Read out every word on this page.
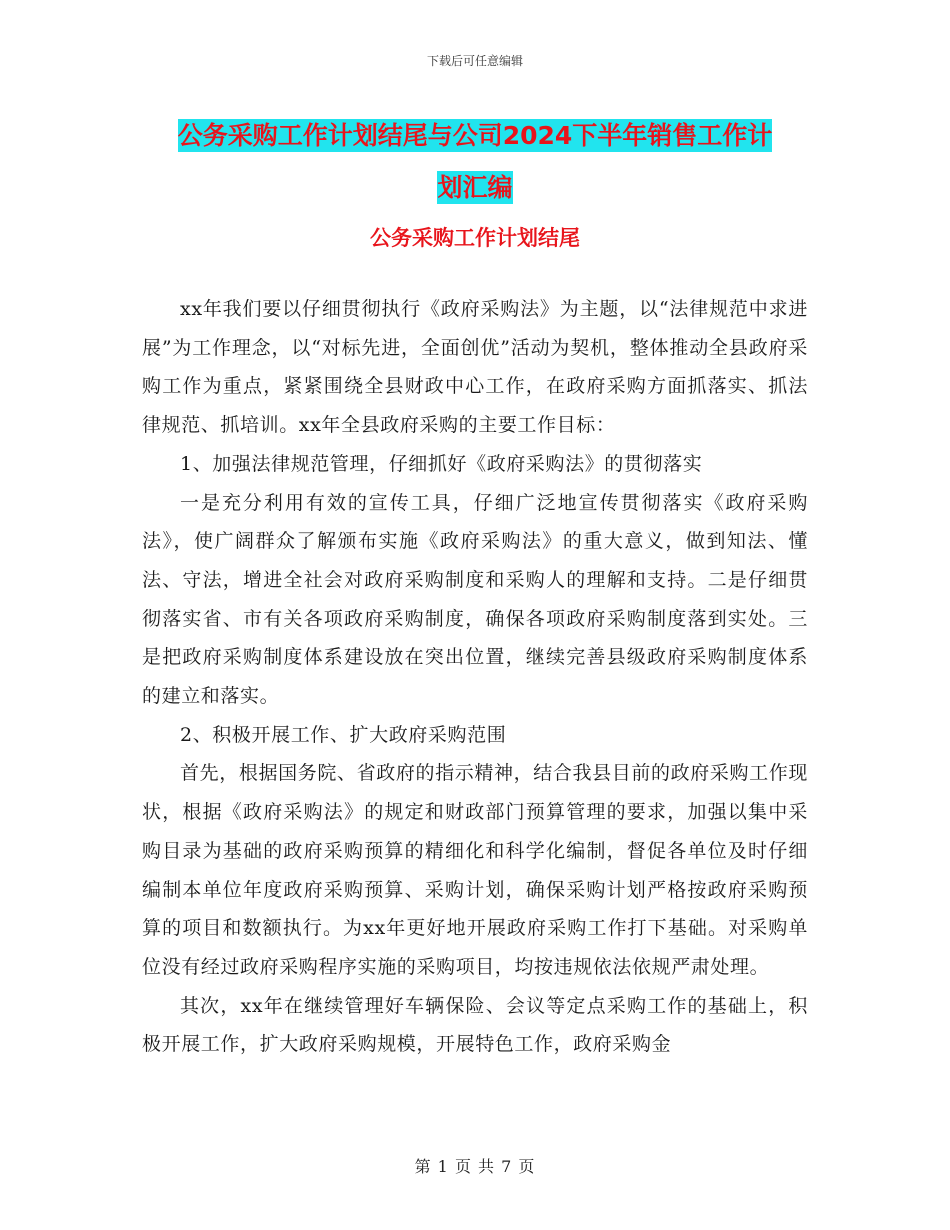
下载后可任意编辑
公务采购工作计划结尾与公司2024下半年销售工作计
划汇编
公务采购工作计划结尾

xx年我们要以仔细贯彻执行《政府采购法》为主题，以“法律规范中求进展”为工作理念，以“对标先进，全面创优”活动为契机，整体推动全县政府采购工作为重点，紧紧围绕全县财政中心工作，在政府采购方面抓落实、抓法律规范、抓培训。xx年全县政府采购的主要工作目标：

1、加强法律规范管理，仔细抓好《政府采购法》的贯彻落实

一是充分利用有效的宣传工具，仔细广泛地宣传贯彻落实《政府采购法》，使广阔群众了解颁布实施《政府采购法》的重大意义，做到知法、懂法、守法，增进全社会对政府采购制度和采购人的理解和支持。二是仔细贯彻落实省、市有关各项政府采购制度，确保各项政府采购制度落到实处。三是把政府采购制度体系建设放在突出位置，继续完善县级政府采购制度体系的建立和落实。

2、积极开展工作、扩大政府采购范围

首先，根据国务院、省政府的指示精神，结合我县目前的政府采购工作现状，根据《政府采购法》的规定和财政部门预算管理的要求，加强以集中采购目录为基础的政府采购预算的精细化和科学化编制，督促各单位及时仔细编制本单位年度政府采购预算、采购计划，确保采购计划严格按政府采购预算的项目和数额执行。为xx年更好地开展政府采购工作打下基础。对采购单位没有经过政府采购程序实施的采购项目，均按违规依法依规严肃处理。

其次，xx年在继续管理好车辆保险、会议等定点采购工作的基础上，积极开展工作，扩大政府采购规模，开展特色工作，政府采购金

第 1 页 共 7 页
